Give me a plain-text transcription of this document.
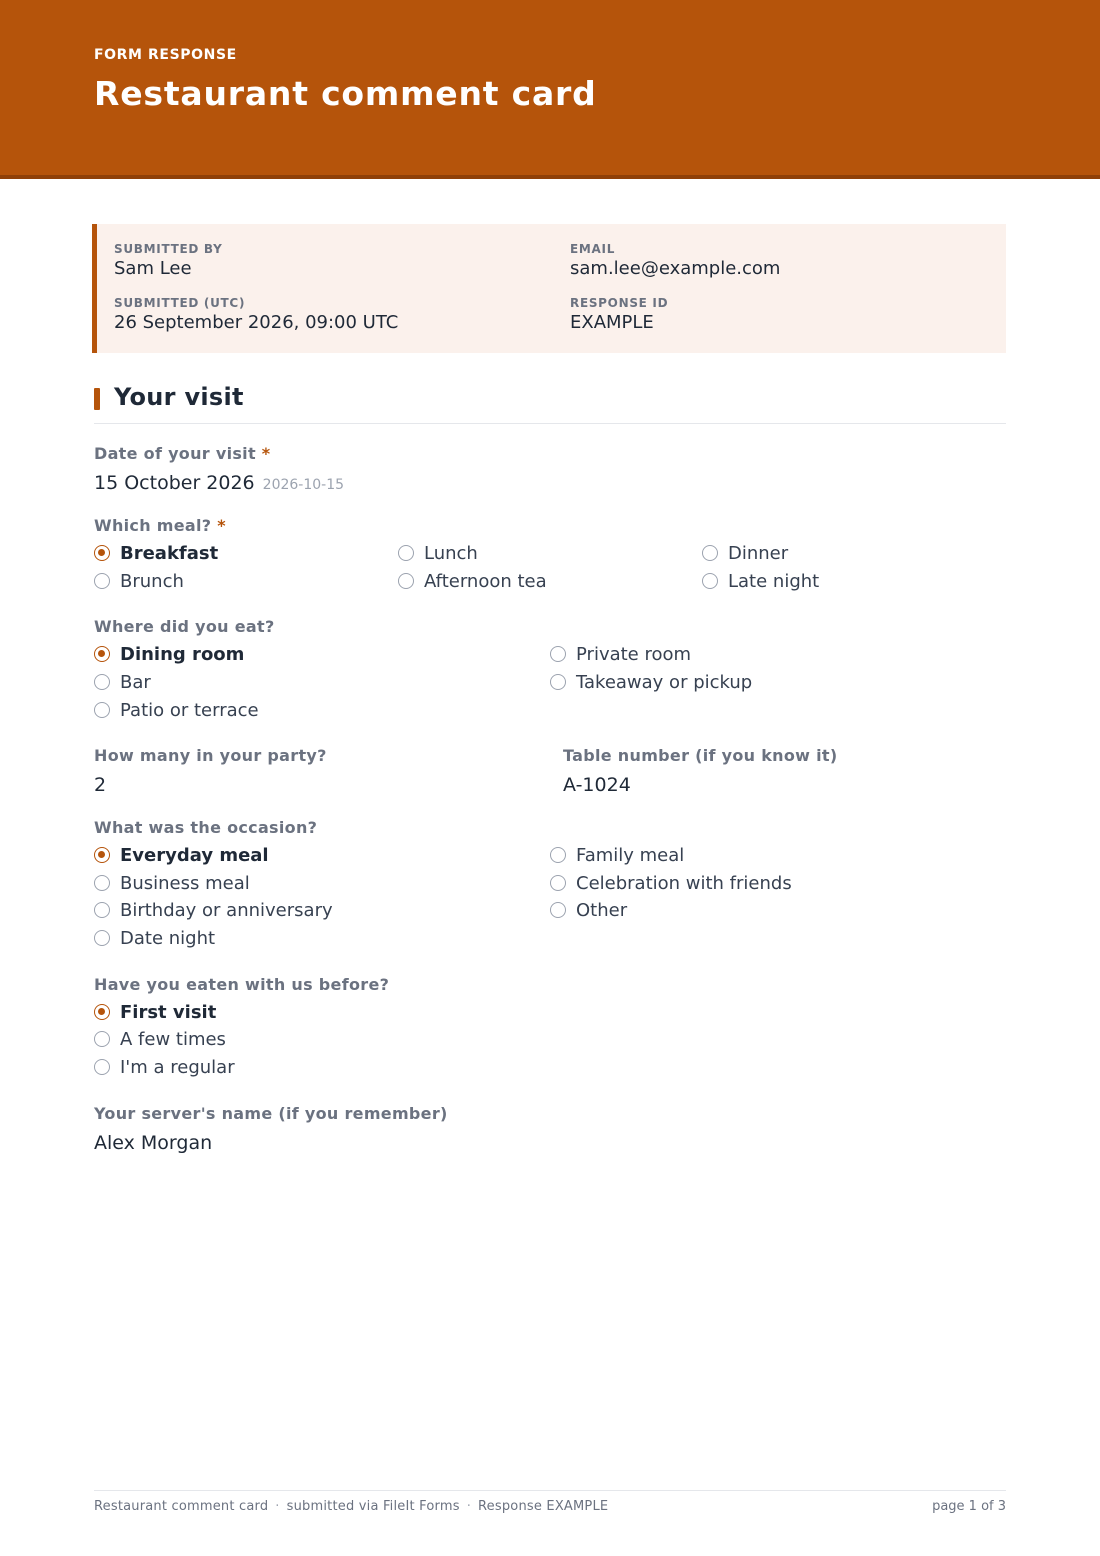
FORM RESPONSE
Restaurant comment card
SUBMITTED BY
Sam Lee
EMAIL
sam.lee@example.com
SUBMITTED (UTC)
26 September 2026, 09:00 UTC
RESPONSE ID
EXAMPLE
Your visit
Date of your visit *
15 October 2026 2026-10-15
Which meal? *
Breakfast	Lunch	Dinner
Brunch	Afternoon tea	Late night
Where did you eat?
Dining room	Private room
Bar	Takeaway or pickup
Patio or terrace
How many in your party?
2
Table number (if you know it)
A-1024
What was the occasion?
Everyday meal	Family meal
Business meal	Celebration with friends
Birthday or anniversary	Other
Date night
Have you eaten with us before?
First visit
A few times
I'm a regular
Your server's name (if you remember)
Alex Morgan
Restaurant comment card · submitted via FileIt Forms · Response EXAMPLE	page 1 of 3
